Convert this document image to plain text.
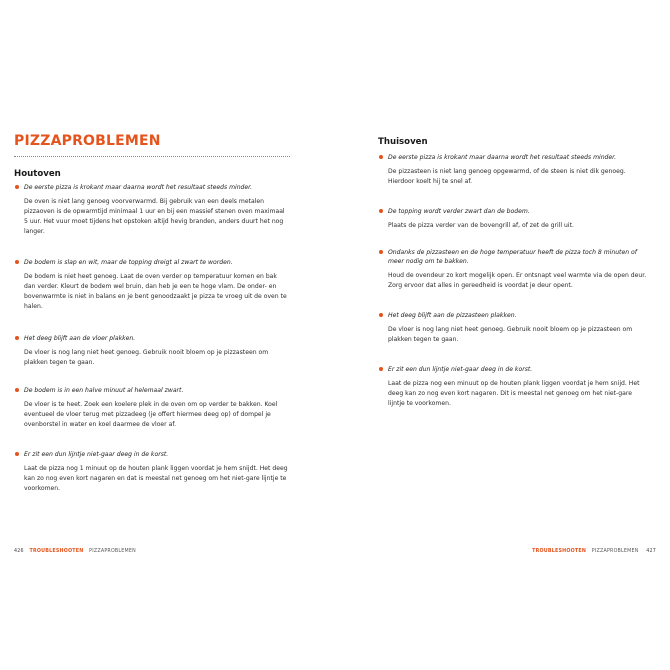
PIZZAPROBLEMEN
Houtoven
De eerste pizza is krokant maar daarna wordt het resultaat steeds minder.
De oven is niet lang genoeg voorverwarmd. Bij gebruik van een deels metalen pizzaoven is de opwarmtijd minimaal 1 uur en bij een massief stenen oven maximaal 5 uur. Het vuur moet tijdens het opstoken altijd hevig branden, anders duurt het nog langer.
De bodem is slap en wit, maar de topping dreigt al zwart te worden.
De bodem is niet heet genoeg. Laat de oven verder op temperatuur komen en bak dan verder. Kleurt de bodem wel bruin, dan heb je een te hoge vlam. De onder- en bovenwarmte is niet in balans en je bent genoodzaakt je pizza te vroeg uit de oven te halen.
Het deeg blijft aan de vloer plakken.
De vloer is nog lang niet heet genoeg. Gebruik nooit bloem op je pizzasteen om plakken tegen te gaan.
De bodem is in een halve minuut al helemaal zwart.
De vloer is te heet. Zoek een koelere plek in de oven om op verder te bakken. Koel eventueel de vloer terug met pizzadeeg (je offert hiermee deeg op) of dompel je ovenborstel in water en koel daarmee de vloer af.
Er zit een dun lijntje niet-gaar deeg in de korst.
Laat de pizza nog 1 minuut op de houten plank liggen voordat je hem snijdt. Het deeg kan zo nog even kort nagaren en dat is meestal net genoeg om het niet-gare lijntje te voorkomen.
426 TROUBLESHOOTEN PIZZAPROBLEMEN
Thuisoven
De eerste pizza is krokant maar daarna wordt het resultaat steeds minder.
De pizzasteen is niet lang genoeg opgewarmd, of de steen is niet dik genoeg. Hierdoor koelt hij te snel af.
De topping wordt verder zwart dan de bodem.
Plaats de pizza verder van de bovengrill af, of zet de grill uit.
Ondanks de pizzasteen en de hoge temperatuur heeft de pizza toch 8 minuten of meer nodig om te bakken.
Houd de ovendeur zo kort mogelijk open. Er ontsnapt veel warmte via de open deur. Zorg ervoor dat alles in gereedheid is voordat je deur opent.
Het deeg blijft aan de pizzasteen plakken.
De vloer is nog lang niet heet genoeg. Gebruik nooit bloem op je pizzasteen om plakken tegen te gaan.
Er zit een dun lijntje niet-gaar deeg in de korst.
Laat de pizza nog een minuut op de houten plank liggen voordat je hem snijd. Het deeg kan zo nog even kort nagaren. Dit is meestal net genoeg om het niet-gare lijntje te voorkomen.
TROUBLESHOOTEN PIZZAPROBLEMEN 427
